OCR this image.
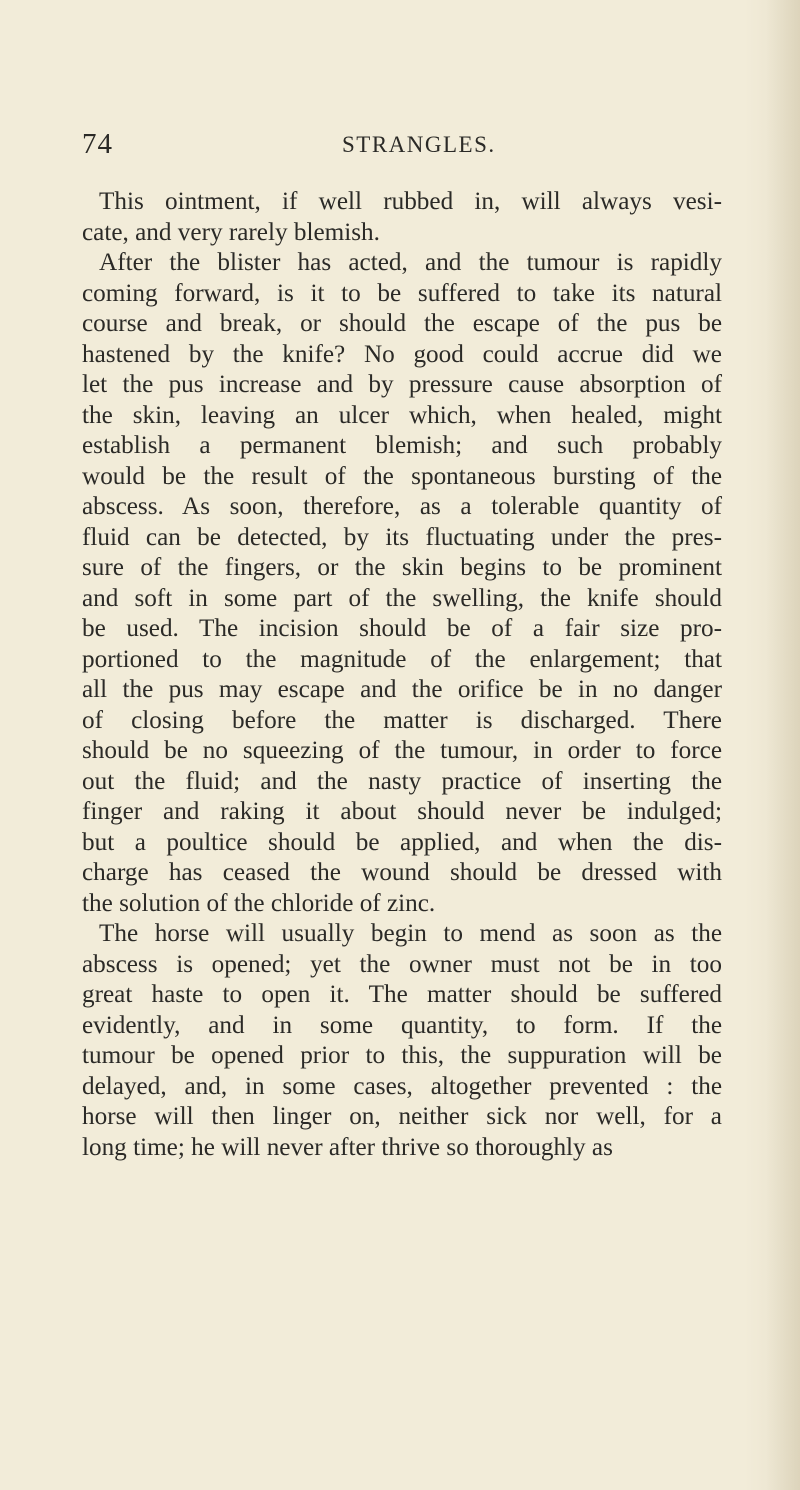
74	STRANGLES.
This ointment, if well rubbed in, will always vesi-
cate, and very rarely blemish.
After the blister has acted, and the tumour is rapidly
coming forward, is it to be suffered to take its natural
course and break, or should the escape of the pus be
hastened by the knife? No good could accrue did we
let the pus increase and by pressure cause absorption of
the skin, leaving an ulcer which, when healed, might
establish a permanent blemish; and such probably
would be the result of the spontaneous bursting of the
abscess. As soon, therefore, as a tolerable quantity of
fluid can be detected, by its fluctuating under the pres-
sure of the fingers, or the skin begins to be prominent
and soft in some part of the swelling, the knife should
be used. The incision should be of a fair size pro-
portioned to the magnitude of the enlargement; that
all the pus may escape and the orifice be in no danger
of closing before the matter is discharged. There
should be no squeezing of the tumour, in order to force
out the fluid; and the nasty practice of inserting the
finger and raking it about should never be indulged;
but a poultice should be applied, and when the dis-
charge has ceased the wound should be dressed with
the solution of the chloride of zinc.
The horse will usually begin to mend as soon as the
abscess is opened; yet the owner must not be in too
great haste to open it. The matter should be suffered
evidently, and in some quantity, to form. If the
tumour be opened prior to this, the suppuration will be
delayed, and, in some cases, altogether prevented : the
horse will then linger on, neither sick nor well, for a
long time; he will never after thrive so thoroughly as
